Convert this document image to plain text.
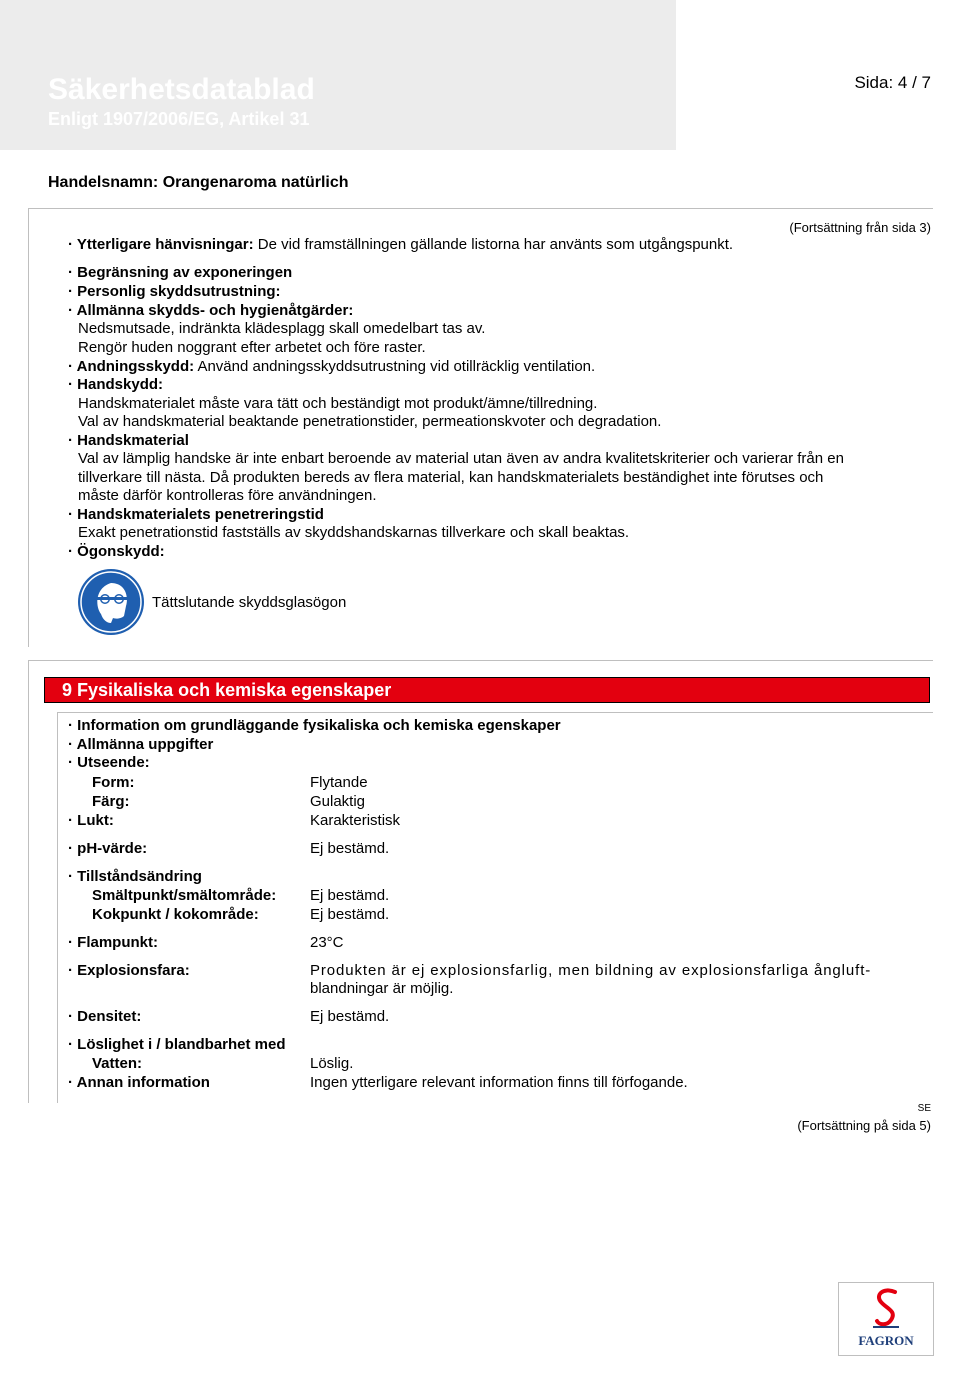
Säkerhetsdatablad
Enligt 1907/2006/EG, Artikel 31
Sida: 4 / 7
Datum för utskrift: 21.12.2012
Omarbetad: 21.12.2012
Versionsnummer 17
Handelsnamn: Orangenaroma natürlich
(Fortsättning från sida 3)
· Ytterligare hänvisningar: De vid framställningen gällande listorna har använts som utgångspunkt.
· Begränsning av exponeringen
· Personlig skyddsutrustning:
· Allmänna skydds- och hygienåtgärder:
Nedsmutsade, indränkta klädesplagg skall omedelbart tas av.
Rengör huden noggrant efter arbetet och före raster.
· Andningsskydd: Använd andningsskyddsutrustning vid otillräcklig ventilation.
· Handskydd:
Handskmaterialet måste vara tätt och beständigt mot produkt/ämne/tillredning.
Val av handskmaterial beaktande penetrationstider, permeationskvoter och degradation.
· Handskmaterial
Val av lämplig handske är inte enbart beroende av material utan även av andra kvalitetskriterier och varierar från en
tillverkare till nästa. Då produkten bereds av flera material, kan handskmaterialets beständighet inte förutses och
måste därför kontrolleras före användningen.
· Handskmaterialets penetreringstid
Exakt penetrationstid fastställs av skyddshandskarnas tillverkare och skall beaktas.
· Ögonskydd:
Tättslutande skyddsglasögon
9 Fysikaliska och kemiska egenskaper
· Information om grundläggande fysikaliska och kemiska egenskaper
· Allmänna uppgifter
· Utseende:
Form:	Flytande
Färg:	Gulaktig
· Lukt:	Karakteristisk
· pH-värde:	Ej bestämd.
· Tillståndsändring
Smältpunkt/smältområde: Ej bestämd.
Kokpunkt / kokområde:	Ej bestämd.
· Flampunkt:	23°C
· Explosionsfara:	Produkten är ej explosionsfarlig, men bildning av explosionsfarliga ångluft-
blandningar är möjlig.
· Densitet:	Ej bestämd.
· Löslighet i / blandbarhet med
Vatten:	Löslig.
· Annan information	Ingen ytterligare relevant information finns till förfogande.
SE
(Fortsättning på sida 5)
FAGRON
